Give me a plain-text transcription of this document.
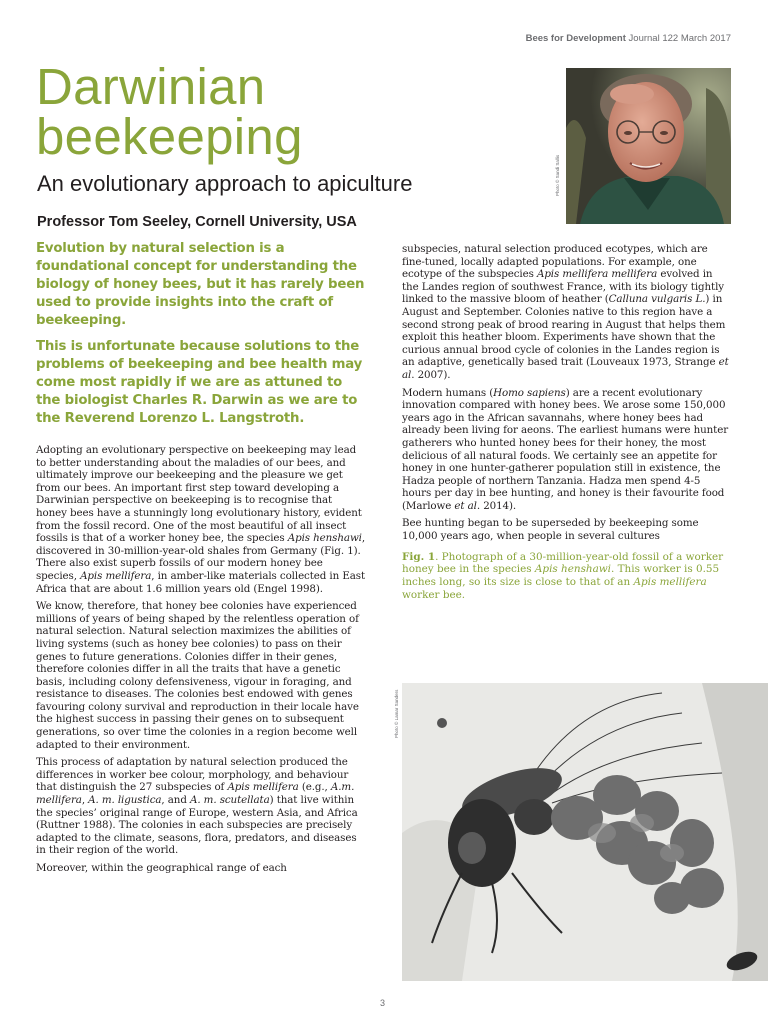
Bees for Development Journal 122 March 2017
Darwinian
beekeeping
An evolutionary approach to apiculture
Professor Tom Seeley, Cornell University, USA
Photo © Sandi Sallis

Evolution by natural selection is a foundational concept for understanding the biology of honey bees, but it has rarely been used to provide insights into the craft of beekeeping.

This is unfortunate because solutions to the problems of beekeeping and bee health may come most rapidly if we are as attuned to the biologist Charles R. Darwin as we are to the Reverend Lorenzo L. Langstroth.

Adopting an evolutionary perspective on beekeeping may lead to better understanding about the maladies of our bees, and ultimately improve our beekeeping and the pleasure we get from our bees. An important first step toward developing a Darwinian perspective on beekeeping is to recognise that honey bees have a stunningly long evolutionary history, evident from the fossil record. One of the most beautiful of all insect fossils is that of a worker honey bee, the species Apis henshawi, discovered in 30-million-year-old shales from Germany (Fig. 1). There also exist superb fossils of our modern honey bee species, Apis mellifera, in amber-like materials collected in East Africa that are about 1.6 million years old (Engel 1998).

We know, therefore, that honey bee colonies have experienced millions of years of being shaped by the relentless operation of natural selection. Natural selection maximizes the abilities of living systems (such as honey bee colonies) to pass on their genes to future generations. Colonies differ in their genes, therefore colonies differ in all the traits that have a genetic basis, including colony defensiveness, vigour in foraging, and resistance to diseases. The colonies best endowed with genes favouring colony survival and reproduction in their locale have the highest success in passing their genes on to subsequent generations, so over time the colonies in a region become well adapted to their environment.

This process of adaptation by natural selection produced the differences in worker bee colour, morphology, and behaviour that distinguish the 27 subspecies of Apis mellifera (e.g., A.m. mellifera, A. m. ligustica, and A. m. scutellata) that live within the species’ original range of Europe, western Asia, and Africa (Ruttner 1988). The colonies in each subspecies are precisely adapted to the climate, seasons, flora, predators, and diseases in their region of the world.

Moreover, within the geographical range of each

subspecies, natural selection produced ecotypes, which are fine-tuned, locally adapted populations. For example, one ecotype of the subspecies Apis mellifera mellifera evolved in the Landes region of southwest France, with its biology tightly linked to the massive bloom of heather (Calluna vulgaris L.) in August and September. Colonies native to this region have a second strong peak of brood rearing in August that helps them exploit this heather bloom. Experiments have shown that the curious annual brood cycle of colonies in the Landes region is an adaptive, genetically based trait (Louveaux 1973, Strange et al. 2007).

Modern humans (Homo sapiens) are a recent evolutionary innovation compared with honey bees. We arose some 150,000 years ago in the African savannahs, where honey bees had already been living for aeons. The earliest humans were hunter gatherers who hunted honey bees for their honey, the most delicious of all natural foods. We certainly see an appetite for honey in one hunter-gatherer population still in existence, the Hadza people of northern Tanzania. Hadza men spend 4-5 hours per day in bee hunting, and honey is their favourite food (Marlowe et al. 2014).

Bee hunting began to be superseded by beekeeping some 10,000 years ago, when people in several cultures

Fig. 1. Photograph of a 30-million-year-old fossil of a worker honey bee in the species Apis henshawi. This worker is 0.55 inches long, so its size is close to that of an Apis mellifera worker bee.

Photo © Lamar Sanders
3
